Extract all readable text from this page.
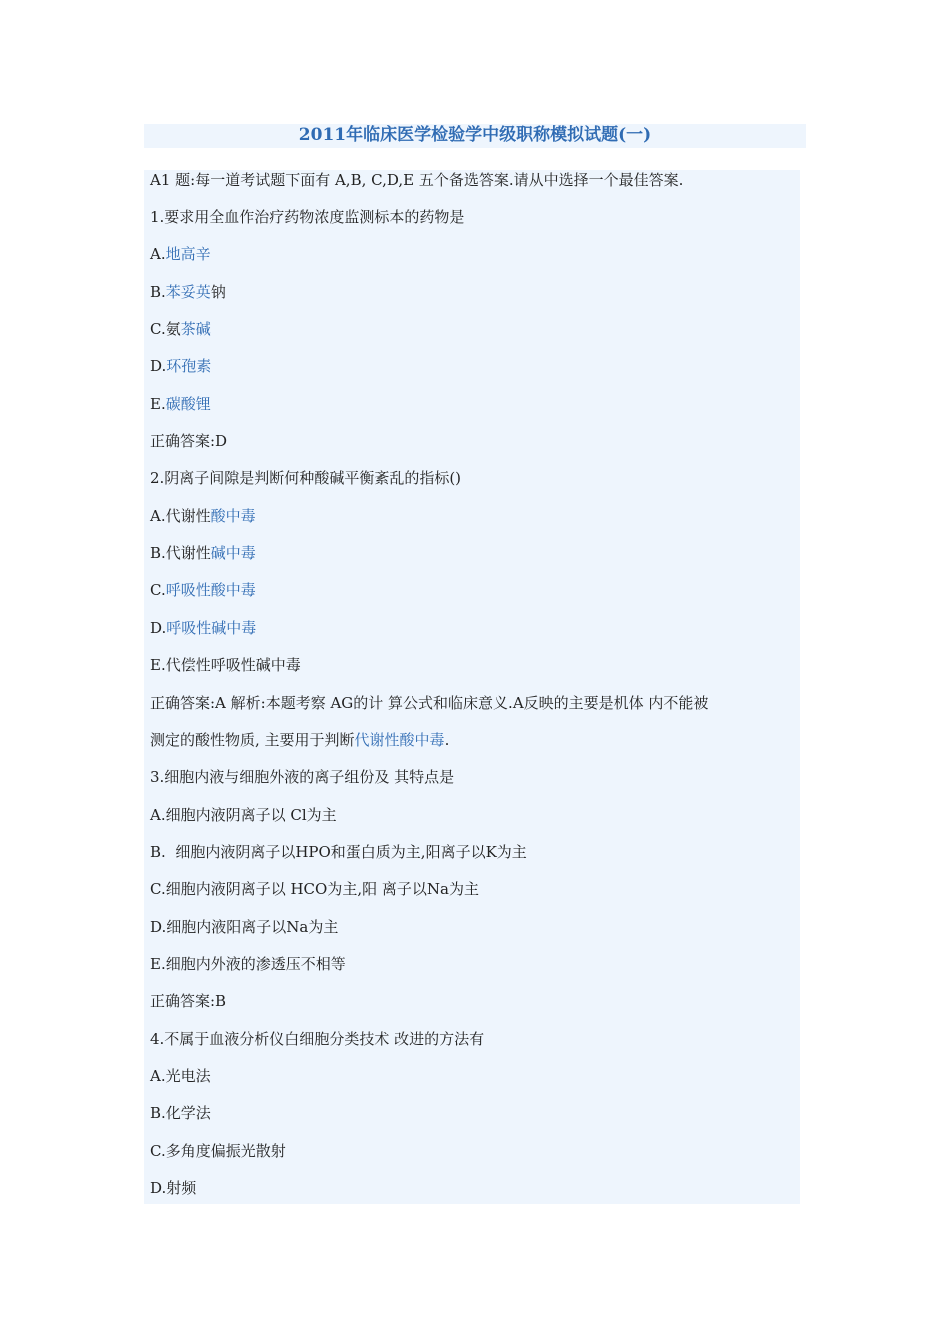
2011年临床医学检验学中级职称模拟试题(一)
A1 题:每一道考试题下面有 A,B, C,D,E 五个备选答案.请从中选择一个最佳答案.
1.要求用全血作治疗药物浓度监测标本的药物是
A.地高辛
B.苯妥英钠
C.氨茶碱
D.环孢素
E.碳酸锂
正确答案:D
2.阴离子间隙是判断何种酸碱平衡紊乱的指标()
A.代谢性酸中毒
B.代谢性碱中毒
C.呼吸性酸中毒
D.呼吸性碱中毒
E.代偿性呼吸性碱中毒
正确答案:A 解析:本题考察 AG的计 算公式和临床意义.A反映的主要是机体 内不能被
测定的酸性物质, 主要用于判断代谢性酸中毒.
3.细胞内液与细胞外液的离子组份及 其特点是
A.细胞内液阴离子以 Cl为主
B.  细胞内液阴离子以HPO和蛋白质为主,阳离子以K为主
C.细胞内液阴离子以 HCO为主,阳 离子以Na为主
D.细胞内液阳离子以Na为主
E.细胞内外液的渗透压不相等
正确答案:B
4.不属于血液分析仪白细胞分类技术 改进的方法有
A.光电法
B.化学法
C.多角度偏振光散射
D.射频
